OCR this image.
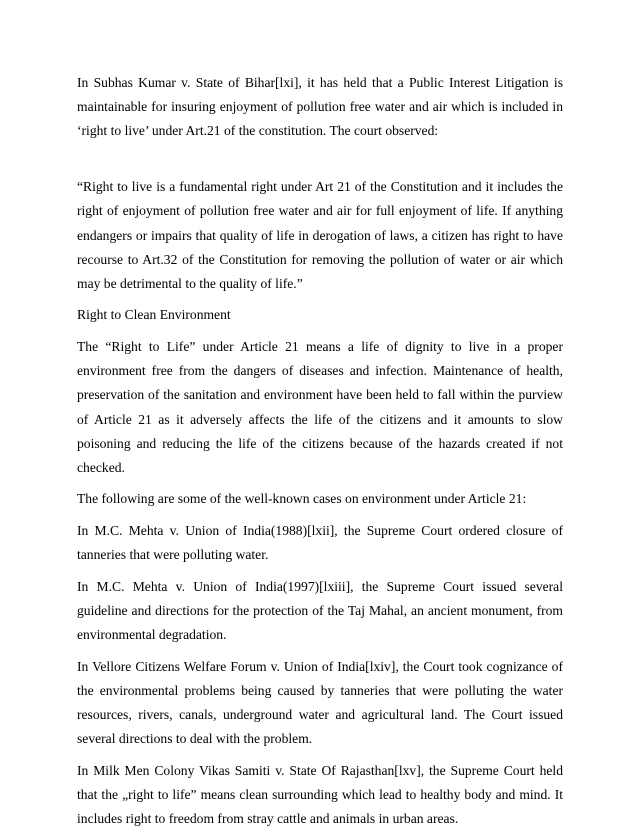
In Subhas Kumar v. State of Bihar[lxi], it has held that a Public Interest Litigation is maintainable for insuring enjoyment of pollution free water and air which is included in ‘right to live’ under Art.21 of the constitution. The court observed:

“Right to live is a fundamental right under Art 21 of the Constitution and it includes the right of enjoyment of pollution free water and air for full enjoyment of life. If anything endangers or impairs that quality of life in derogation of laws, a citizen has right to have recourse to Art.32 of the Constitution for removing the pollution of water or air which may be detrimental to the quality of life.”

Right to Clean Environment

The “Right to Life” under Article 21 means a life of dignity to live in a proper environment free from the dangers of diseases and infection. Maintenance of health, preservation of the sanitation and environment have been held to fall within the purview of Article 21 as it adversely affects the life of the citizens and it amounts to slow poisoning and reducing the life of the citizens because of the hazards created if not checked.

The following are some of the well-known cases on environment under Article 21:

In M.C. Mehta v. Union of India(1988)[lxii], the Supreme Court ordered closure of tanneries that were polluting water.

In M.C. Mehta v. Union of India(1997)[lxiii], the Supreme Court issued several guideline and directions for the protection of the Taj Mahal, an ancient monument, from environmental degradation.

In Vellore Citizens Welfare Forum v. Union of India[lxiv], the Court took cognizance of the environmental problems being caused by tanneries that were polluting the water resources, rivers, canals, underground water and agricultural land. The Court issued several directions to deal with the problem.

In Milk Men Colony Vikas Samiti v. State Of Rajasthan[lxv], the Supreme Court held that the „right to life” means clean surrounding which lead to healthy body and mind. It includes right to freedom from stray cattle and animals in urban areas.
